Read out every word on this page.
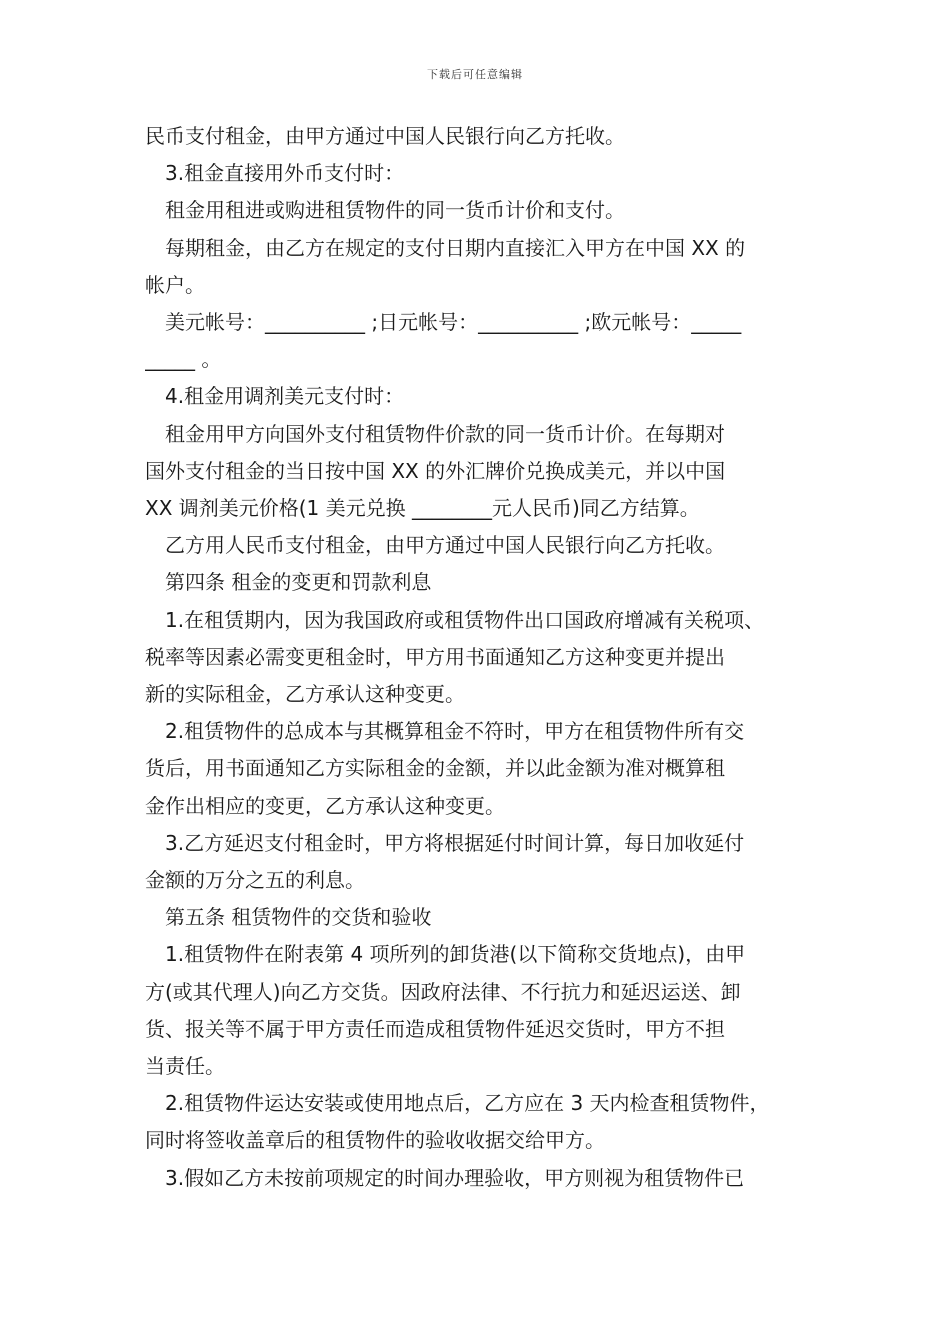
下载后可任意编辑

民币支付租金，由甲方通过中国人民银行向乙方托收。

3.租金直接用外币支付时：

租金用租进或购进租赁物件的同一货币计价和支付。

每期租金，由乙方在规定的支付日期内直接汇入甲方在中国 XX 的

帐户。

美元帐号：__________ ;日元帐号：__________ ;欧元帐号：_____

_____ 。

4.租金用调剂美元支付时：

租金用甲方向国外支付租赁物件价款的同一货币计价。在每期对

国外支付租金的当日按中国 XX 的外汇牌价兑换成美元，并以中国

XX 调剂美元价格(1 美元兑换 ________元人民币)同乙方结算。

乙方用人民币支付租金，由甲方通过中国人民银行向乙方托收。

第四条 租金的变更和罚款利息

1.在租赁期内，因为我国政府或租赁物件出口国政府增减有关税项、

税率等因素必需变更租金时，甲方用书面通知乙方这种变更并提出

新的实际租金，乙方承认这种变更。

2.租赁物件的总成本与其概算租金不符时，甲方在租赁物件所有交

货后，用书面通知乙方实际租金的金额，并以此金额为准对概算租

金作出相应的变更，乙方承认这种变更。

3.乙方延迟支付租金时，甲方将根据延付时间计算，每日加收延付

金额的万分之五的利息。

第五条 租赁物件的交货和验收

1.租赁物件在附表第 4 项所列的卸货港(以下简称交货地点)，由甲

方(或其代理人)向乙方交货。因政府法律、不行抗力和延迟运送、卸

货、报关等不属于甲方责任而造成租赁物件延迟交货时，甲方不担

当责任。

2.租赁物件运达安装或使用地点后，乙方应在 3 天内检查租赁物件，

同时将签收盖章后的租赁物件的验收收据交给甲方。

3.假如乙方未按前项规定的时间办理验收，甲方则视为租赁物件已
